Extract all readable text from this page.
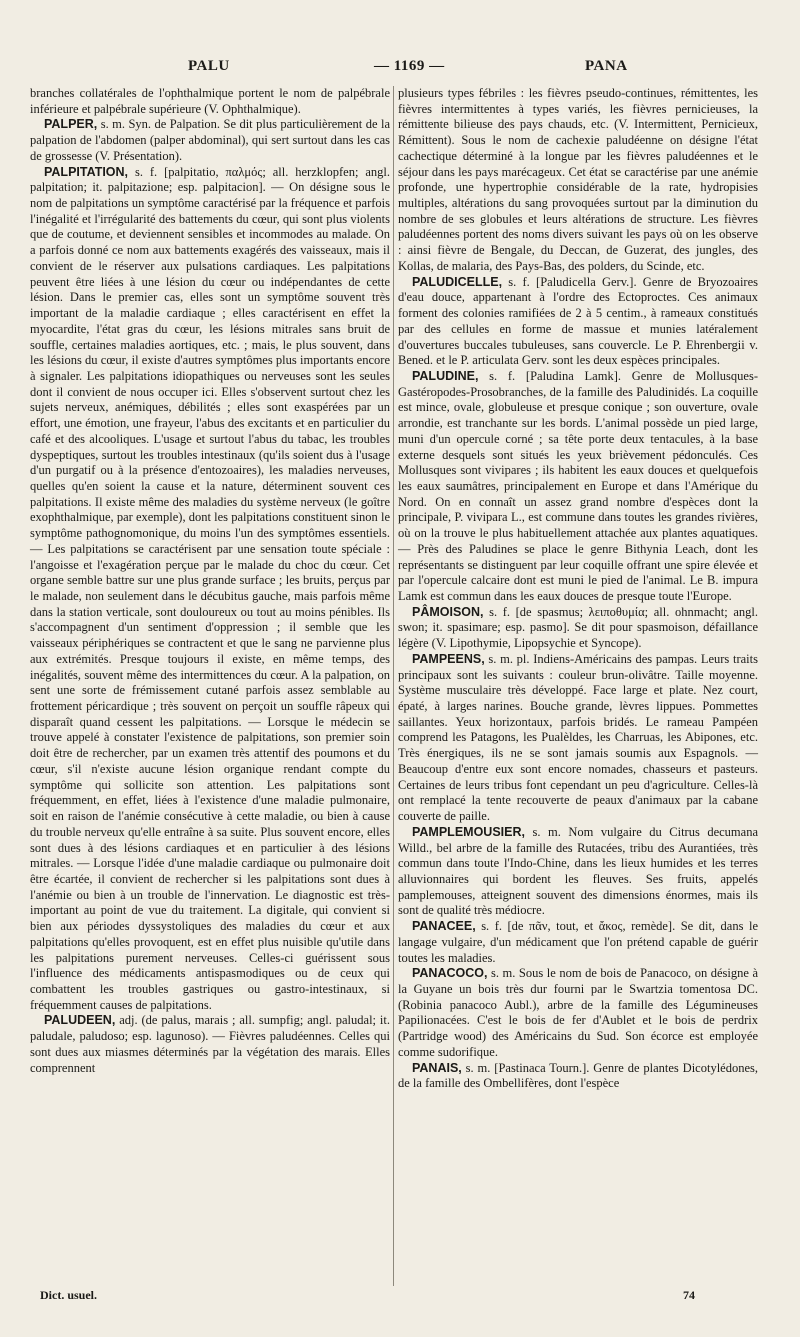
PALU	— 1169 —	PANA

branches collatérales de l'ophthalmique portent le nom de palpébrale inférieure et palpébrale supérieure (V. Ophthalmique).

PALPER, s. m. Syn. de Palpation. Se dit plus particulièrement de la palpation de l'abdomen (palper abdominal), qui sert surtout dans les cas de grossesse (V. Présentation).

PALPITATION, s. f. [palpitatio, παλμός; all. herzklopfen; angl. palpitation; it. palpitazione; esp. palpitacion]. — On désigne sous le nom de palpitations un symptôme caractérisé par la fréquence et parfois l'inégalité et l'irrégularité des battements du cœur, qui sont plus violents que de coutume, et deviennent sensibles et incommodes au malade. On a parfois donné ce nom aux battements exagérés des vaisseaux, mais il convient de le réserver aux pulsations cardiaques. Les palpitations peuvent être liées à une lésion du cœur ou indépendantes de cette lésion. Dans le premier cas, elles sont un symptôme souvent très important de la maladie cardiaque ; elles caractérisent en effet la myocardite, l'état gras du cœur, les lésions mitrales sans bruit de souffle, certaines maladies aortiques, etc. ; mais, le plus souvent, dans les lésions du cœur, il existe d'autres symptômes plus importants encore à signaler. Les palpitations idiopathiques ou nerveuses sont les seules dont il convient de nous occuper ici. Elles s'observent surtout chez les sujets nerveux, anémiques, débilités ; elles sont exaspérées par un effort, une émotion, une frayeur, l'abus des excitants et en particulier du café et des alcooliques. L'usage et surtout l'abus du tabac, les troubles dyspeptiques, surtout les troubles intestinaux (qu'ils soient dus à l'usage d'un purgatif ou à la présence d'entozoaires), les maladies nerveuses, quelles qu'en soient la cause et la nature, déterminent souvent ces palpitations. Il existe même des maladies du système nerveux (le goître exophthalmique, par exemple), dont les palpitations constituent sinon le symptôme pathognomonique, du moins l'un des symptômes essentiels. — Les palpitations se caractérisent par une sensation toute spéciale : l'angoisse et l'exagération perçue par le malade du choc du cœur. Cet organe semble battre sur une plus grande surface ; les bruits, perçus par le malade, non seulement dans le décubitus gauche, mais parfois même dans la station verticale, sont douloureux ou tout au moins pénibles. Ils s'accompagnent d'un sentiment d'oppression ; il semble que les vaisseaux périphériques se contractent et que le sang ne parvienne plus aux extrémités. Presque toujours il existe, en même temps, des inégalités, souvent même des intermittences du cœur. A la palpation, on sent une sorte de frémissement cutané parfois assez semblable au frottement péricardique ; très souvent on perçoit un souffle râpeux qui disparaît quand cessent les palpitations. — Lorsque le médecin se trouve appelé à constater l'existence de palpitations, son premier soin doit être de rechercher, par un examen très attentif des poumons et du cœur, s'il n'existe aucune lésion organique rendant compte du symptôme qui sollicite son attention. Les palpitations sont fréquemment, en effet, liées à l'existence d'une maladie pulmonaire, soit en raison de l'anémie consécutive à cette maladie, ou bien à cause du trouble nerveux qu'elle entraîne à sa suite. Plus souvent encore, elles sont dues à des lésions cardiaques et en particulier à des lésions mitrales. — Lorsque l'idée d'une maladie cardiaque ou pulmonaire doit être écartée, il convient de rechercher si les palpitations sont dues à l'anémie ou bien à un trouble de l'innervation. Le diagnostic est très-important au point de vue du traitement. La digitale, qui convient si bien aux périodes dyssystoliques des maladies du cœur et aux palpitations qu'elles provoquent, est en effet plus nuisible qu'utile dans les palpitations purement nerveuses. Celles-ci guérissent sous l'influence des médicaments antispasmodiques ou de ceux qui combattent les troubles gastriques ou gastro-intestinaux, si fréquemment causes de palpitations.

PALUDEEN, adj. (de palus, marais ; all. sumpfig; angl. paludal; it. paludale, paludoso; esp. lagunoso). — Fièvres paludéennes. Celles qui sont dues aux miasmes déterminés par la végétation des marais. Elles comprennent

plusieurs types fébriles : les fièvres pseudo-continues, rémittentes, les fièvres intermittentes à types variés, les fièvres pernicieuses, la rémittente bilieuse des pays chauds, etc. (V. Intermittent, Pernicieux, Rémittent). Sous le nom de cachexie paludéenne on désigne l'état cachectique déterminé à la longue par les fièvres paludéennes et le séjour dans les pays marécageux. Cet état se caractérise par une anémie profonde, une hypertrophie considérable de la rate, hydropisies multiples, altérations du sang provoquées surtout par la diminution du nombre de ses globules et leurs altérations de structure. Les fièvres paludéennes portent des noms divers suivant les pays où on les observe : ainsi fièvre de Bengale, du Deccan, de Guzerat, des jungles, des Kollas, de malaria, des Pays-Bas, des polders, du Scinde, etc.

PALUDICELLE, s. f. [Paludicella Gerv.]. Genre de Bryozoaires d'eau douce, appartenant à l'ordre des Ectoproctes. Ces animaux forment des colonies ramifiées de 2 à 5 centim., à rameaux constitués par des cellules en forme de massue et munies latéralement d'ouvertures buccales tubuleuses, sans couvercle. Le P. Ehrenbergii v. Bened. et le P. articulata Gerv. sont les deux espèces principales.

PALUDINE, s. f. [Paludina Lamk]. Genre de Mollusques-Gastéropodes-Prosobranches, de la famille des Paludinidés. La coquille est mince, ovale, globuleuse et presque conique ; son ouverture, ovale arrondie, est tranchante sur les bords. L'animal possède un pied large, muni d'un opercule corné ; sa tête porte deux tentacules, à la base externe desquels sont situés les yeux brièvement pédonculés. Ces Mollusques sont vivipares ; ils habitent les eaux douces et quelquefois les eaux saumâtres, principalement en Europe et dans l'Amérique du Nord. On en connaît un assez grand nombre d'espèces dont la principale, P. vivipara L., est commune dans toutes les grandes rivières, où on la trouve le plus habituellement attachée aux plantes aquatiques. — Près des Paludines se place le genre Bithynia Leach, dont les représentants se distinguent par leur coquille offrant une spire élevée et par l'opercule calcaire dont est muni le pied de l'animal. Le B. impura Lamk est commun dans les eaux douces de presque toute l'Europe.

PÂMOISON, s. f. [de spasmus; λειποθυμία; all. ohnmacht; angl. swon; it. spasimare; esp. pasmo]. Se dit pour spasmoison, défaillance légère (V. Lipothymie, Lipopsychie et Syncope).

PAMPEENS, s. m. pl. Indiens-Américains des pampas. Leurs traits principaux sont les suivants : couleur brun-olivâtre. Taille moyenne. Système musculaire très développé. Face large et plate. Nez court, épaté, à larges narines. Bouche grande, lèvres lippues. Pommettes saillantes. Yeux horizontaux, parfois bridés. Le rameau Pampéen comprend les Patagons, les Pualèldes, les Charruas, les Abipones, etc. Très énergiques, ils ne se sont jamais soumis aux Espagnols. — Beaucoup d'entre eux sont encore nomades, chasseurs et pasteurs. Certaines de leurs tribus font cependant un peu d'agriculture. Celles-là ont remplacé la tente recouverte de peaux d'animaux par la cabane couverte de paille.

PAMPLEMOUSIER, s. m. Nom vulgaire du Citrus decumana Willd., bel arbre de la famille des Rutacées, tribu des Aurantiées, très commun dans toute l'Indo-Chine, dans les lieux humides et les terres alluvionnaires qui bordent les fleuves. Ses fruits, appelés pamplemouses, atteignent souvent des dimensions énormes, mais ils sont de qualité très médiocre.

PANACEE, s. f. [de πᾶν, tout, et ἄκος, remède]. Se dit, dans le langage vulgaire, d'un médicament que l'on prétend capable de guérir toutes les maladies.

PANACOCO, s. m. Sous le nom de bois de Panacoco, on désigne à la Guyane un bois très dur fourni par le Swartzia tomentosa DC. (Robinia panacoco Aubl.), arbre de la famille des Légumineuses Papilionacées. C'est le bois de fer d'Aublet et le bois de perdrix (Partridge wood) des Américains du Sud. Son écorce est employée comme sudorifique.

PANAIS, s. m. [Pastinaca Tourn.]. Genre de plantes Dicotylédones, de la famille des Ombellifères, dont l'espèce

Dict. usuel.	74
